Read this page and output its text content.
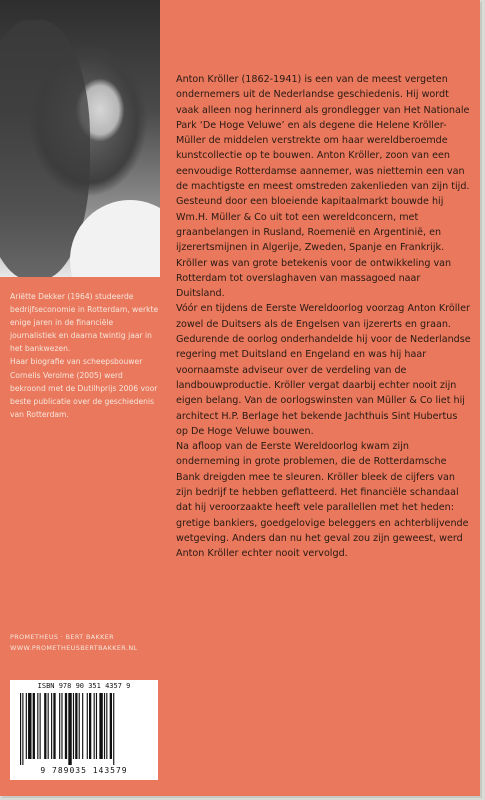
Anton Kröller (1862-1941) is een van de meest vergeten ondernemers uit de Nederlandse geschiedenis. Hij wordt vaak alleen nog herinnerd als grondlegger van Het Nationale Park ‘De Hoge Veluwe’ en als degene die Helene Kröller-Müller de middelen verstrekte om haar wereldberoemde kunstcollectie op te bouwen. Anton Kröller, zoon van een eenvoudige Rotterdamse aannemer, was niettemin een van de machtigste en meest omstreden zakenlieden van zijn tijd. Gesteund door een bloeiende kapitaalmarkt bouwde hij Wm.H. Müller & Co uit tot een wereldconcern, met graanbelangen in Rusland, Roemenië en Argentinië, en ijzerertsmijnen in Algerije, Zweden, Spanje en Frankrijk. Kröller was van grote betekenis voor de ontwikkeling van Rotterdam tot overslaghaven van massagoed naar Duitsland.

Vóór en tijdens de Eerste Wereldoorlog voorzag Anton Kröller zowel de Duitsers als de Engelsen van ijzererts en graan. Gedurende de oorlog onderhandelde hij voor de Nederlandse regering met Duitsland en Engeland en was hij haar voornaamste adviseur over de verdeling van de landbouwproductie. Kröller vergat daarbij echter nooit zijn eigen belang. Van de oorlogswinsten van Müller & Co liet hij architect H.P. Berlage het bekende Jachthuis Sint Hubertus op De Hoge Veluwe bouwen.

Na afloop van de Eerste Wereldoorlog kwam zijn onderneming in grote problemen, die de Rotterdamsche Bank dreigden mee te sleuren. Kröller bleek de cijfers van zijn bedrijf te hebben geflatteerd. Het financiële schandaal dat hij veroorzaakte heeft vele parallellen met het heden: gretige bankiers, goedgelovige beleggers en achterblijvende wetgeving. Anders dan nu het geval zou zijn geweest, werd Anton Kröller echter nooit vervolgd.

Ariëtte Dekker (1964) studeerde bedrijfseconomie in Rotterdam, werkte enige jaren in de financiële journalistiek en daarna twintig jaar in het bankwezen.

Haar biografie van scheepsbouwer Cornelis Verolme (2005) werd bekroond met de Dutilhprijs 2006 voor beste publicatie over de geschiedenis van Rotterdam.

PROMETHEUS · BERT BAKKER
WWW.PROMETHEUSBERTBAKKER.NL
ISBN 978 90 351 4357 9
9 789035 143579
